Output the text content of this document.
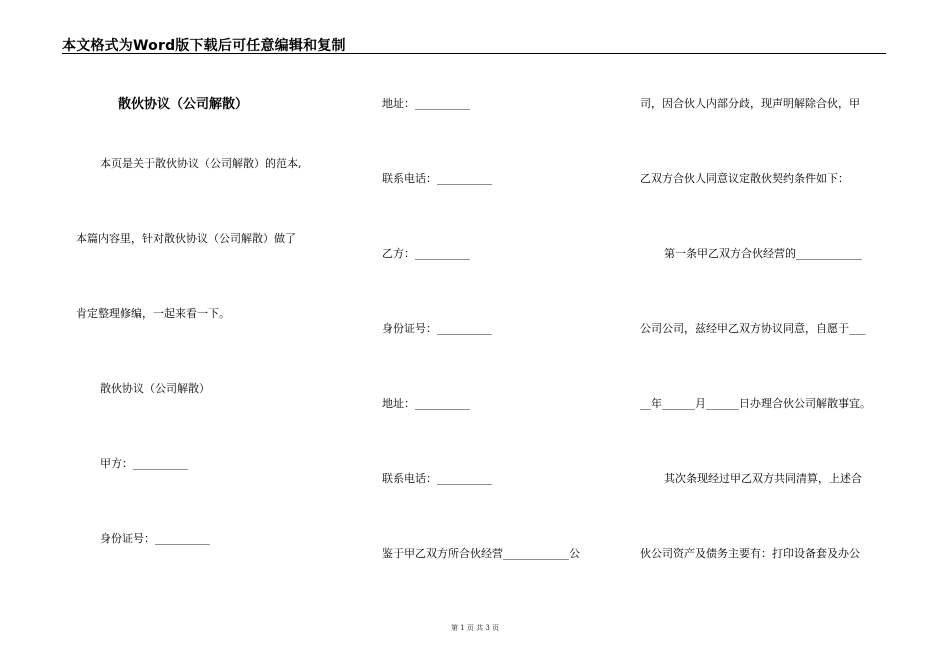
本文格式为Word版下载后可任意编辑和复制
散伙协议（公司解散）
本页是关于散伙协议（公司解散）的范本,
本篇内容里，针对散伙协议（公司解散）做了
肯定整理修编，一起来看一下。
散伙协议（公司解散）
甲方：__________
身份证号：__________
地址：__________
联系电话：__________
乙方：__________
身份证号：__________
地址：__________
联系电话：__________
鉴于甲乙双方所合伙经营____________公
司，因合伙人内部分歧，现声明解除合伙，甲
乙双方合伙人同意议定散伙契约条件如下：
第一条甲乙双方合伙经营的____________
公司公司，兹经甲乙双方协议同意，自愿于___
__年______月______日办理合伙公司解散事宜。
其次条现经过甲乙双方共同清算，上述合
伙公司资产及债务主要有：打印设备套及办公
第 1 页 共 3 页
